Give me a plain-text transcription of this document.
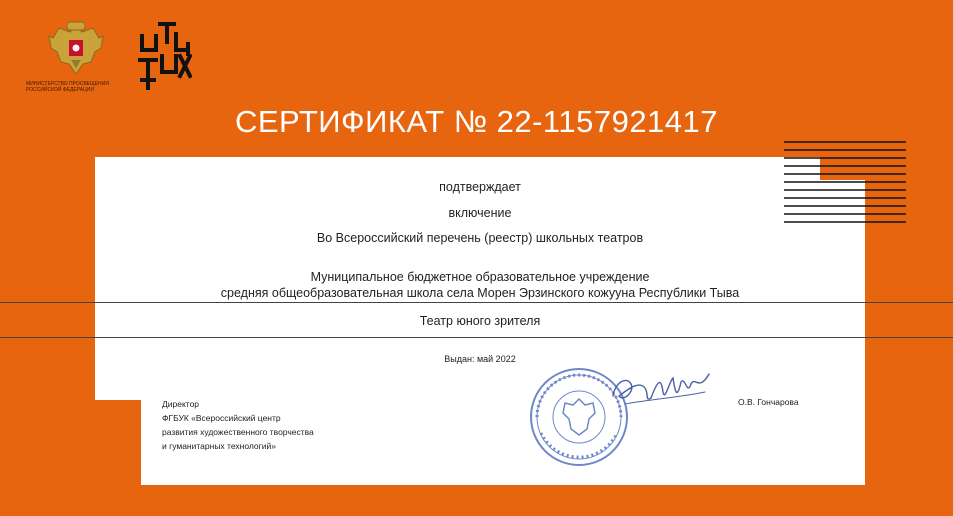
МИНИСТЕРСТВО ПРОСВЕЩЕНИЯ
РОССИЙСКОЙ ФЕДЕРАЦИИ
СЕРТИФИКАТ № 22-1157921417
подтверждает
включение
Во Всероссийский перечень (реестр) школьных театров
Муниципальное бюджетное образовательное учреждение
средняя общеобразовательная школа села Морен Эрзинского кожууна Республики Тыва
Театр юного зрителя
Выдан: май 2022
Директор
ФГБУК «Всероссийский центр
развития художественного творчества
и гуманитарных технологий»
О.В. Гончарова
